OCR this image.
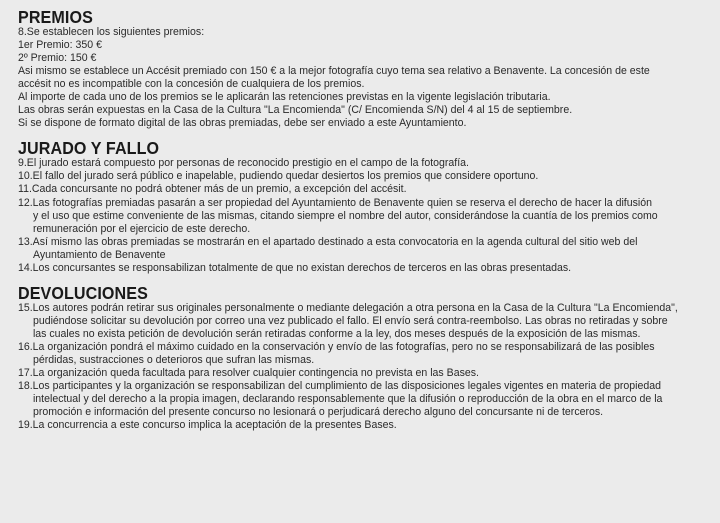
PREMIOS
8.Se establecen los siguientes premios:
1er Premio: 350 €
2º Premio: 150 €
Asi mismo se establece un Accésit premiado con 150 € a la mejor fotografía cuyo tema sea relativo a Benavente. La concesión de este
accésit no es incompatible con la concesión de cualquiera de los premios.
Al importe de cada uno de los premios se le aplicarán las retenciones previstas en la vigente legislación tributaria.
Las obras serán expuestas en la Casa de la Cultura "La Encomienda" (C/ Encomienda S/N) del 4 al 15 de septiembre.
Si se dispone de formato digital de las obras premiadas, debe ser enviado a este Ayuntamiento.
JURADO Y FALLO
9.El jurado estará compuesto por personas de reconocido prestigio en el campo de la fotografía.
10.El fallo del jurado será público e inapelable, pudiendo quedar desiertos los premios que considere oportuno.
11.Cada concursante no podrá obtener más de un premio, a excepción del accésit.
12.Las fotografías premiadas pasarán a ser propiedad del Ayuntamiento de Benavente quien se reserva el derecho de hacer la difusión
y el uso que estime conveniente de las mismas, citando siempre el nombre del autor, considerándose la cuantía de los premios como
remuneración por el ejercicio de este derecho.
13.Así mismo las obras premiadas se mostrarán en el apartado destinado a esta convocatoria en la agenda cultural del sitio web del
Ayuntamiento de Benavente
14.Los concursantes se responsabilizan totalmente de que no existan derechos de terceros en las obras presentadas.
DEVOLUCIONES
15.Los autores podrán retirar sus originales personalmente o mediante delegación a otra persona en la Casa de la Cultura "La Encomienda",
pudiéndose solicitar su devolución por correo una vez publicado el fallo. El envío será contra-reembolso. Las obras no retiradas y sobre
las cuales no exista petición de devolución serán retiradas conforme a la ley, dos meses después de la exposición de las mismas.
16.La organización pondrá el máximo cuidado en la conservación y envío de las fotografías, pero no se responsabilizará de las posibles
pérdidas, sustracciones o deterioros que sufran las mismas.
17.La organización queda facultada para resolver cualquier contingencia no prevista en las Bases.
18.Los participantes y la organización se responsabilizan del cumplimiento de las disposiciones legales vigentes en materia de propiedad
intelectual y del derecho a la propia imagen, declarando responsablemente que la difusión o reproducción de la obra en el marco de la
promoción e información del presente concurso no lesionará o perjudicará derecho alguno del concursante ni de terceros.
19.La concurrencia a este concurso implica la aceptación de la presentes Bases.
